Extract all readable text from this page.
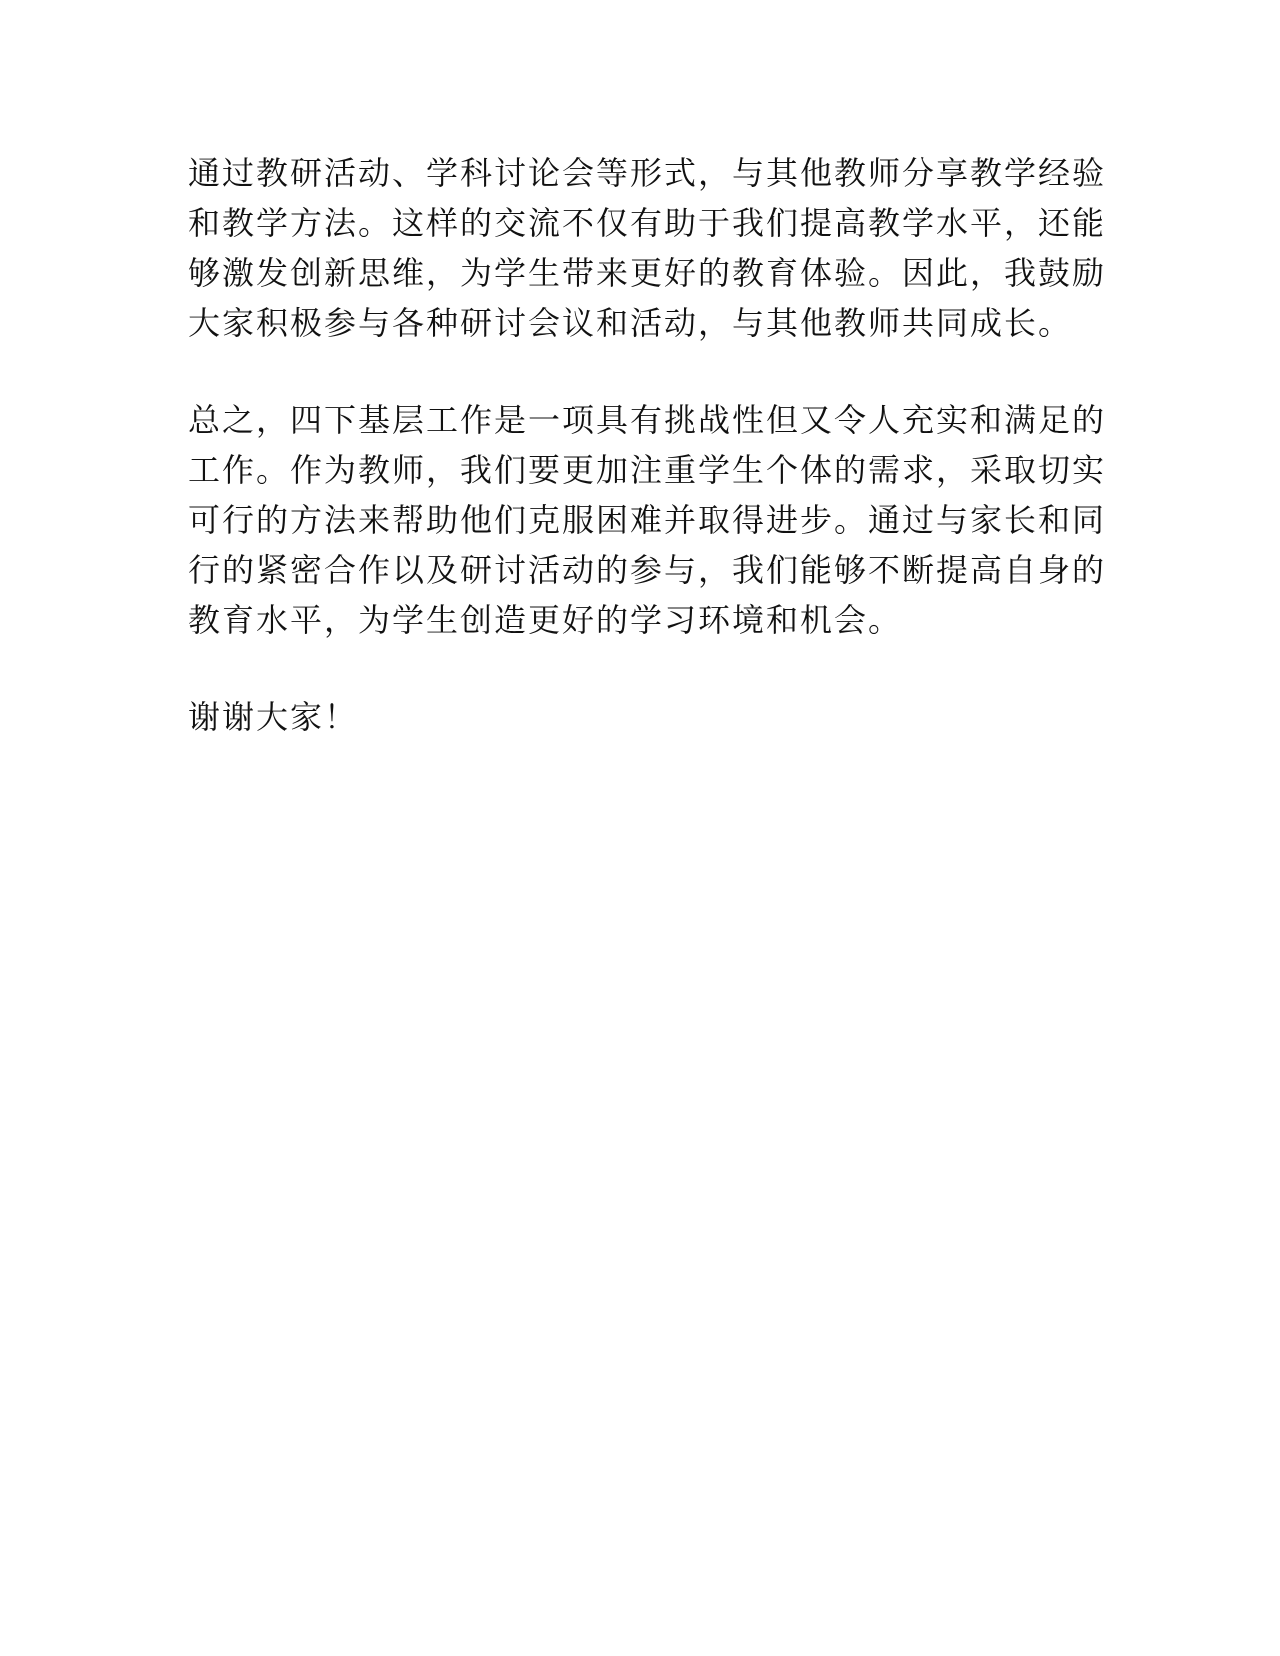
通过教研活动、学科讨论会等形式，与其他教师分享教学经验
和教学方法。这样的交流不仅有助于我们提高教学水平，还能
够激发创新思维，为学生带来更好的教育体验。因此，我鼓励
大家积极参与各种研讨会议和活动，与其他教师共同成长。
总之，四下基层工作是一项具有挑战性但又令人充实和满足的
工作。作为教师，我们要更加注重学生个体的需求，采取切实
可行的方法来帮助他们克服困难并取得进步。通过与家长和同
行的紧密合作以及研讨活动的参与，我们能够不断提高自身的
教育水平，为学生创造更好的学习环境和机会。
谢谢大家！
